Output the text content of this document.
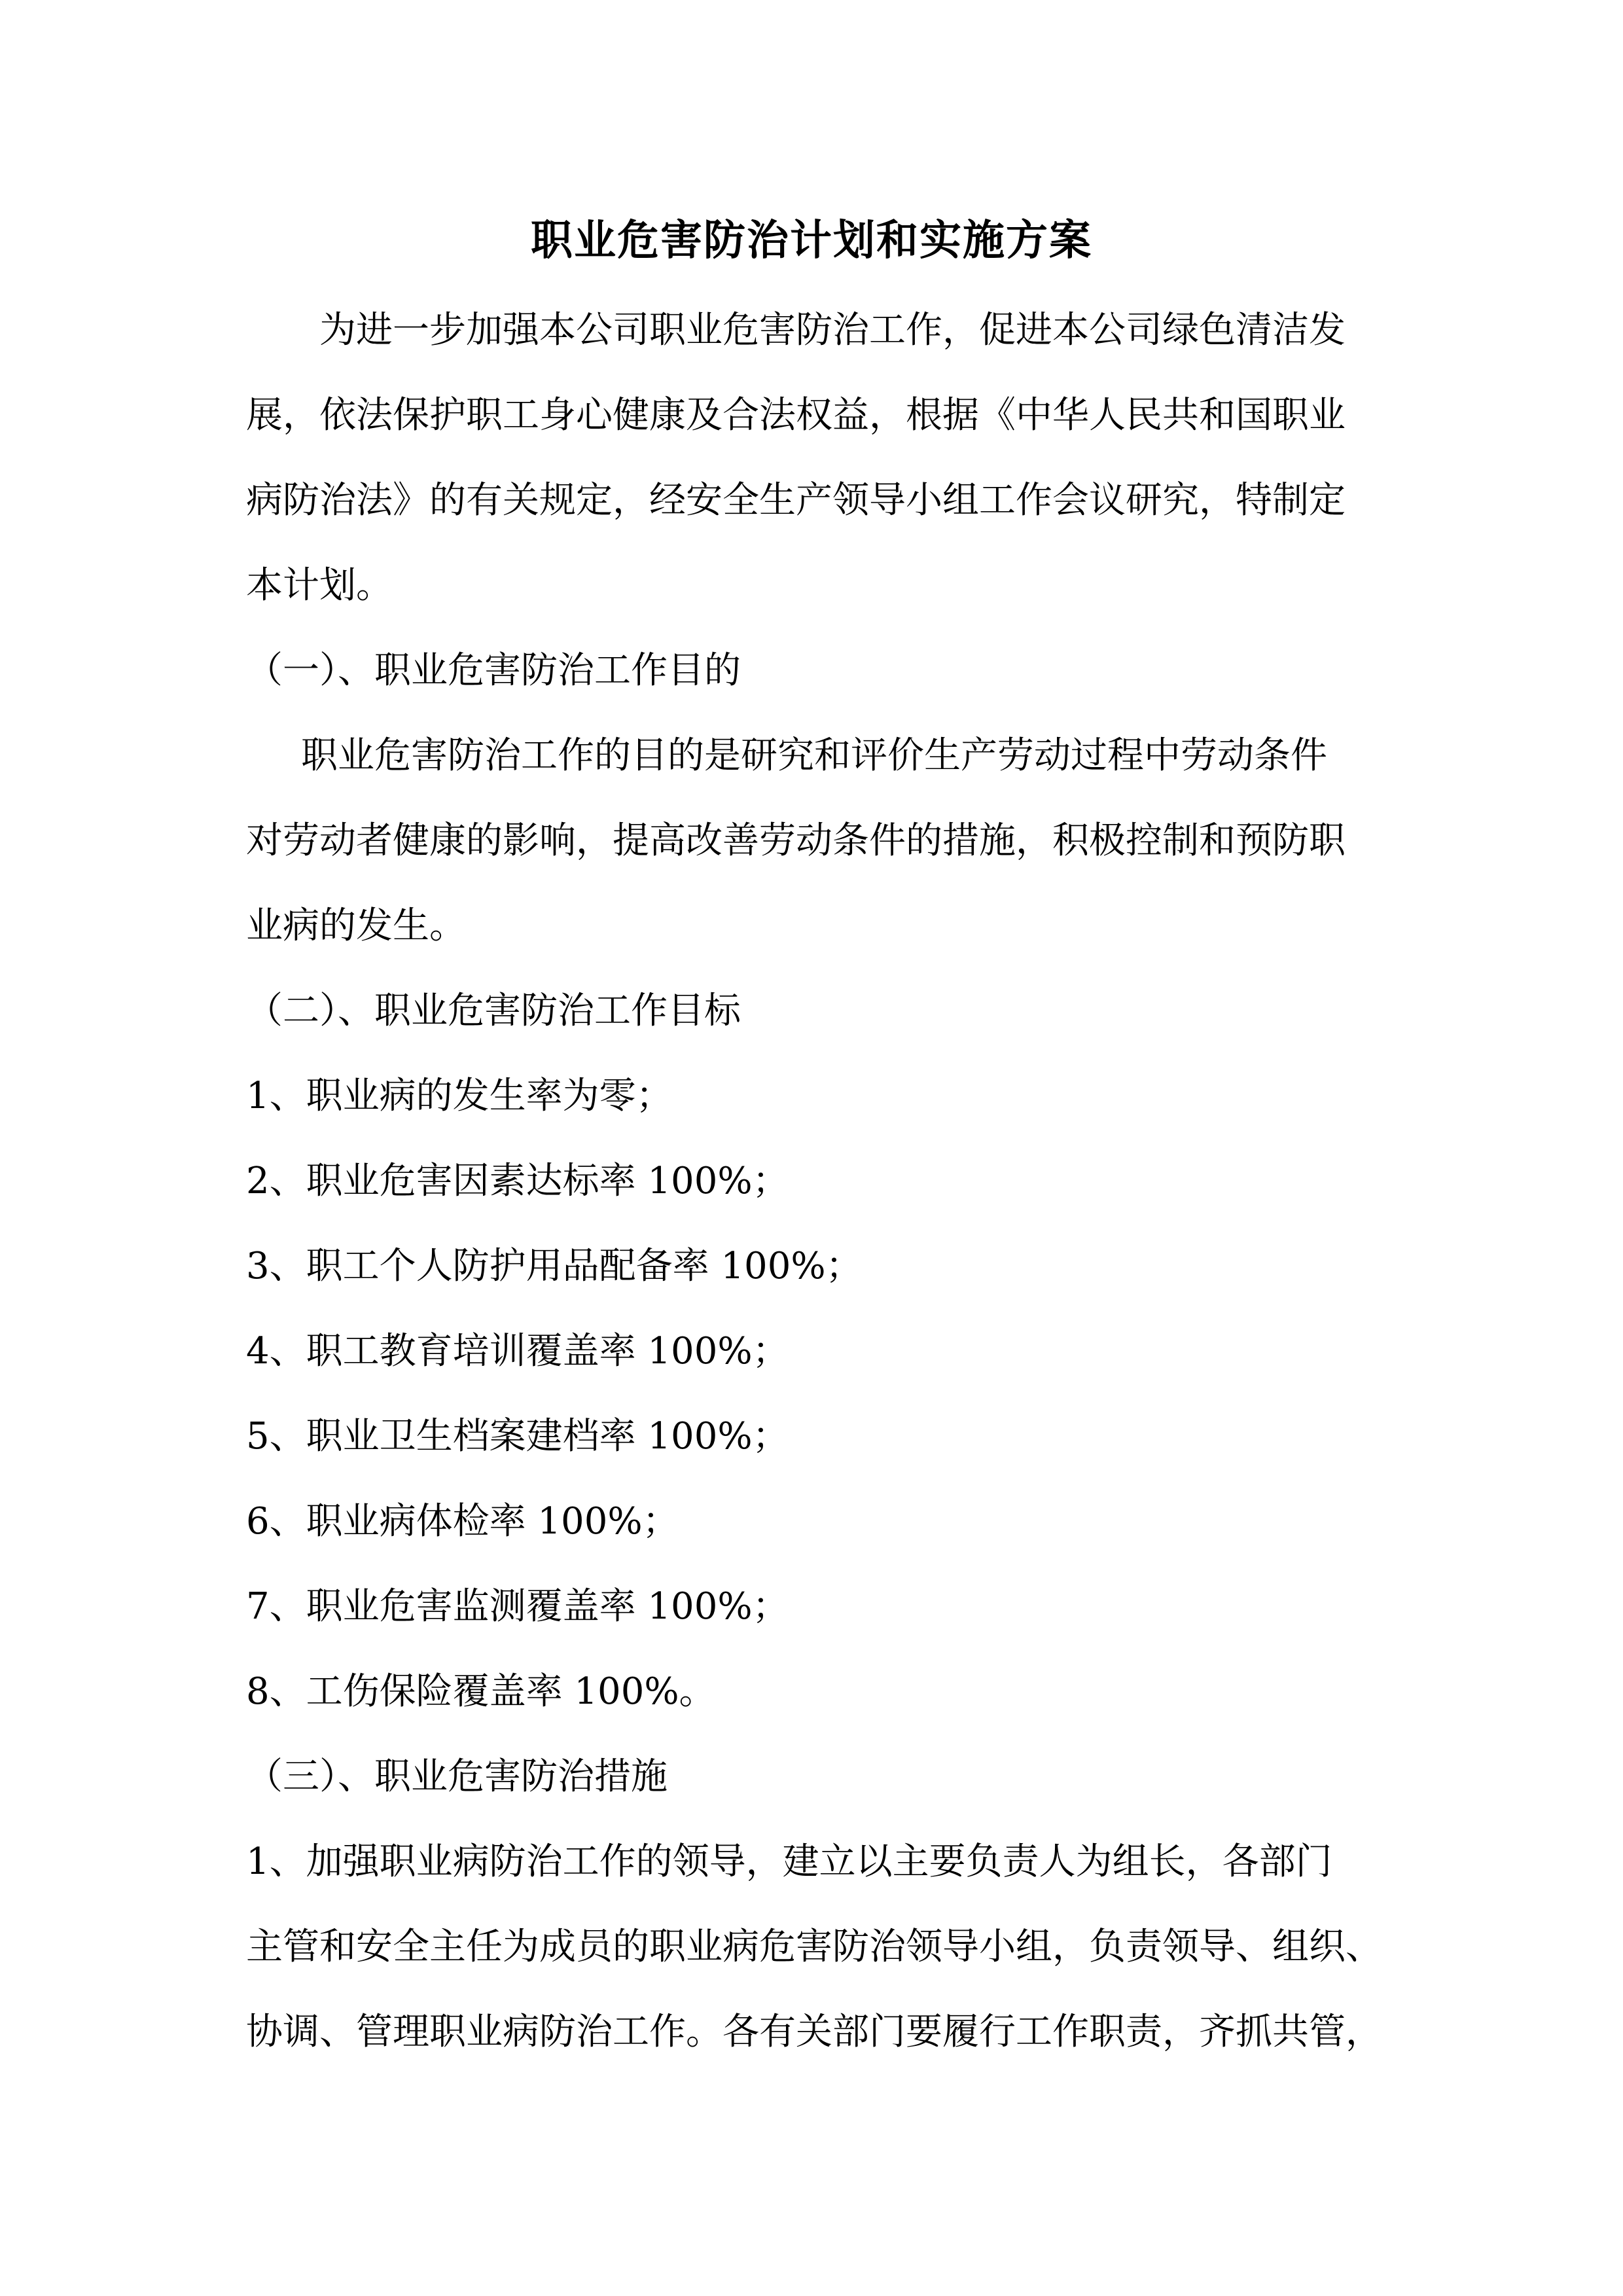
职业危害防治计划和实施方案

为进一步加强本公司职业危害防治工作，促进本公司绿色清洁发

展，依法保护职工身心健康及合法权益，根据《中华人民共和国职业

病防治法》的有关规定，经安全生产领导小组工作会议研究，特制定

本计划。

（一）、职业危害防治工作目的

职业危害防治工作的目的是研究和评价生产劳动过程中劳动条件

对劳动者健康的影响，提高改善劳动条件的措施，积极控制和预防职

业病的发生。

（二）、职业危害防治工作目标

1、职业病的发生率为零；

2、职业危害因素达标率 100%；

3、职工个人防护用品配备率 100%；

4、职工教育培训覆盖率 100%；

5、职业卫生档案建档率 100%；

6、职业病体检率 100%；

7、职业危害监测覆盖率 100%；

8、工伤保险覆盖率 100%。

（三）、职业危害防治措施

1、加强职业病防治工作的领导，建立以主要负责人为组长，各部门

主管和安全主任为成员的职业病危害防治领导小组，负责领导、组织、

协调、管理职业病防治工作。各有关部门要履行工作职责，齐抓共管，
